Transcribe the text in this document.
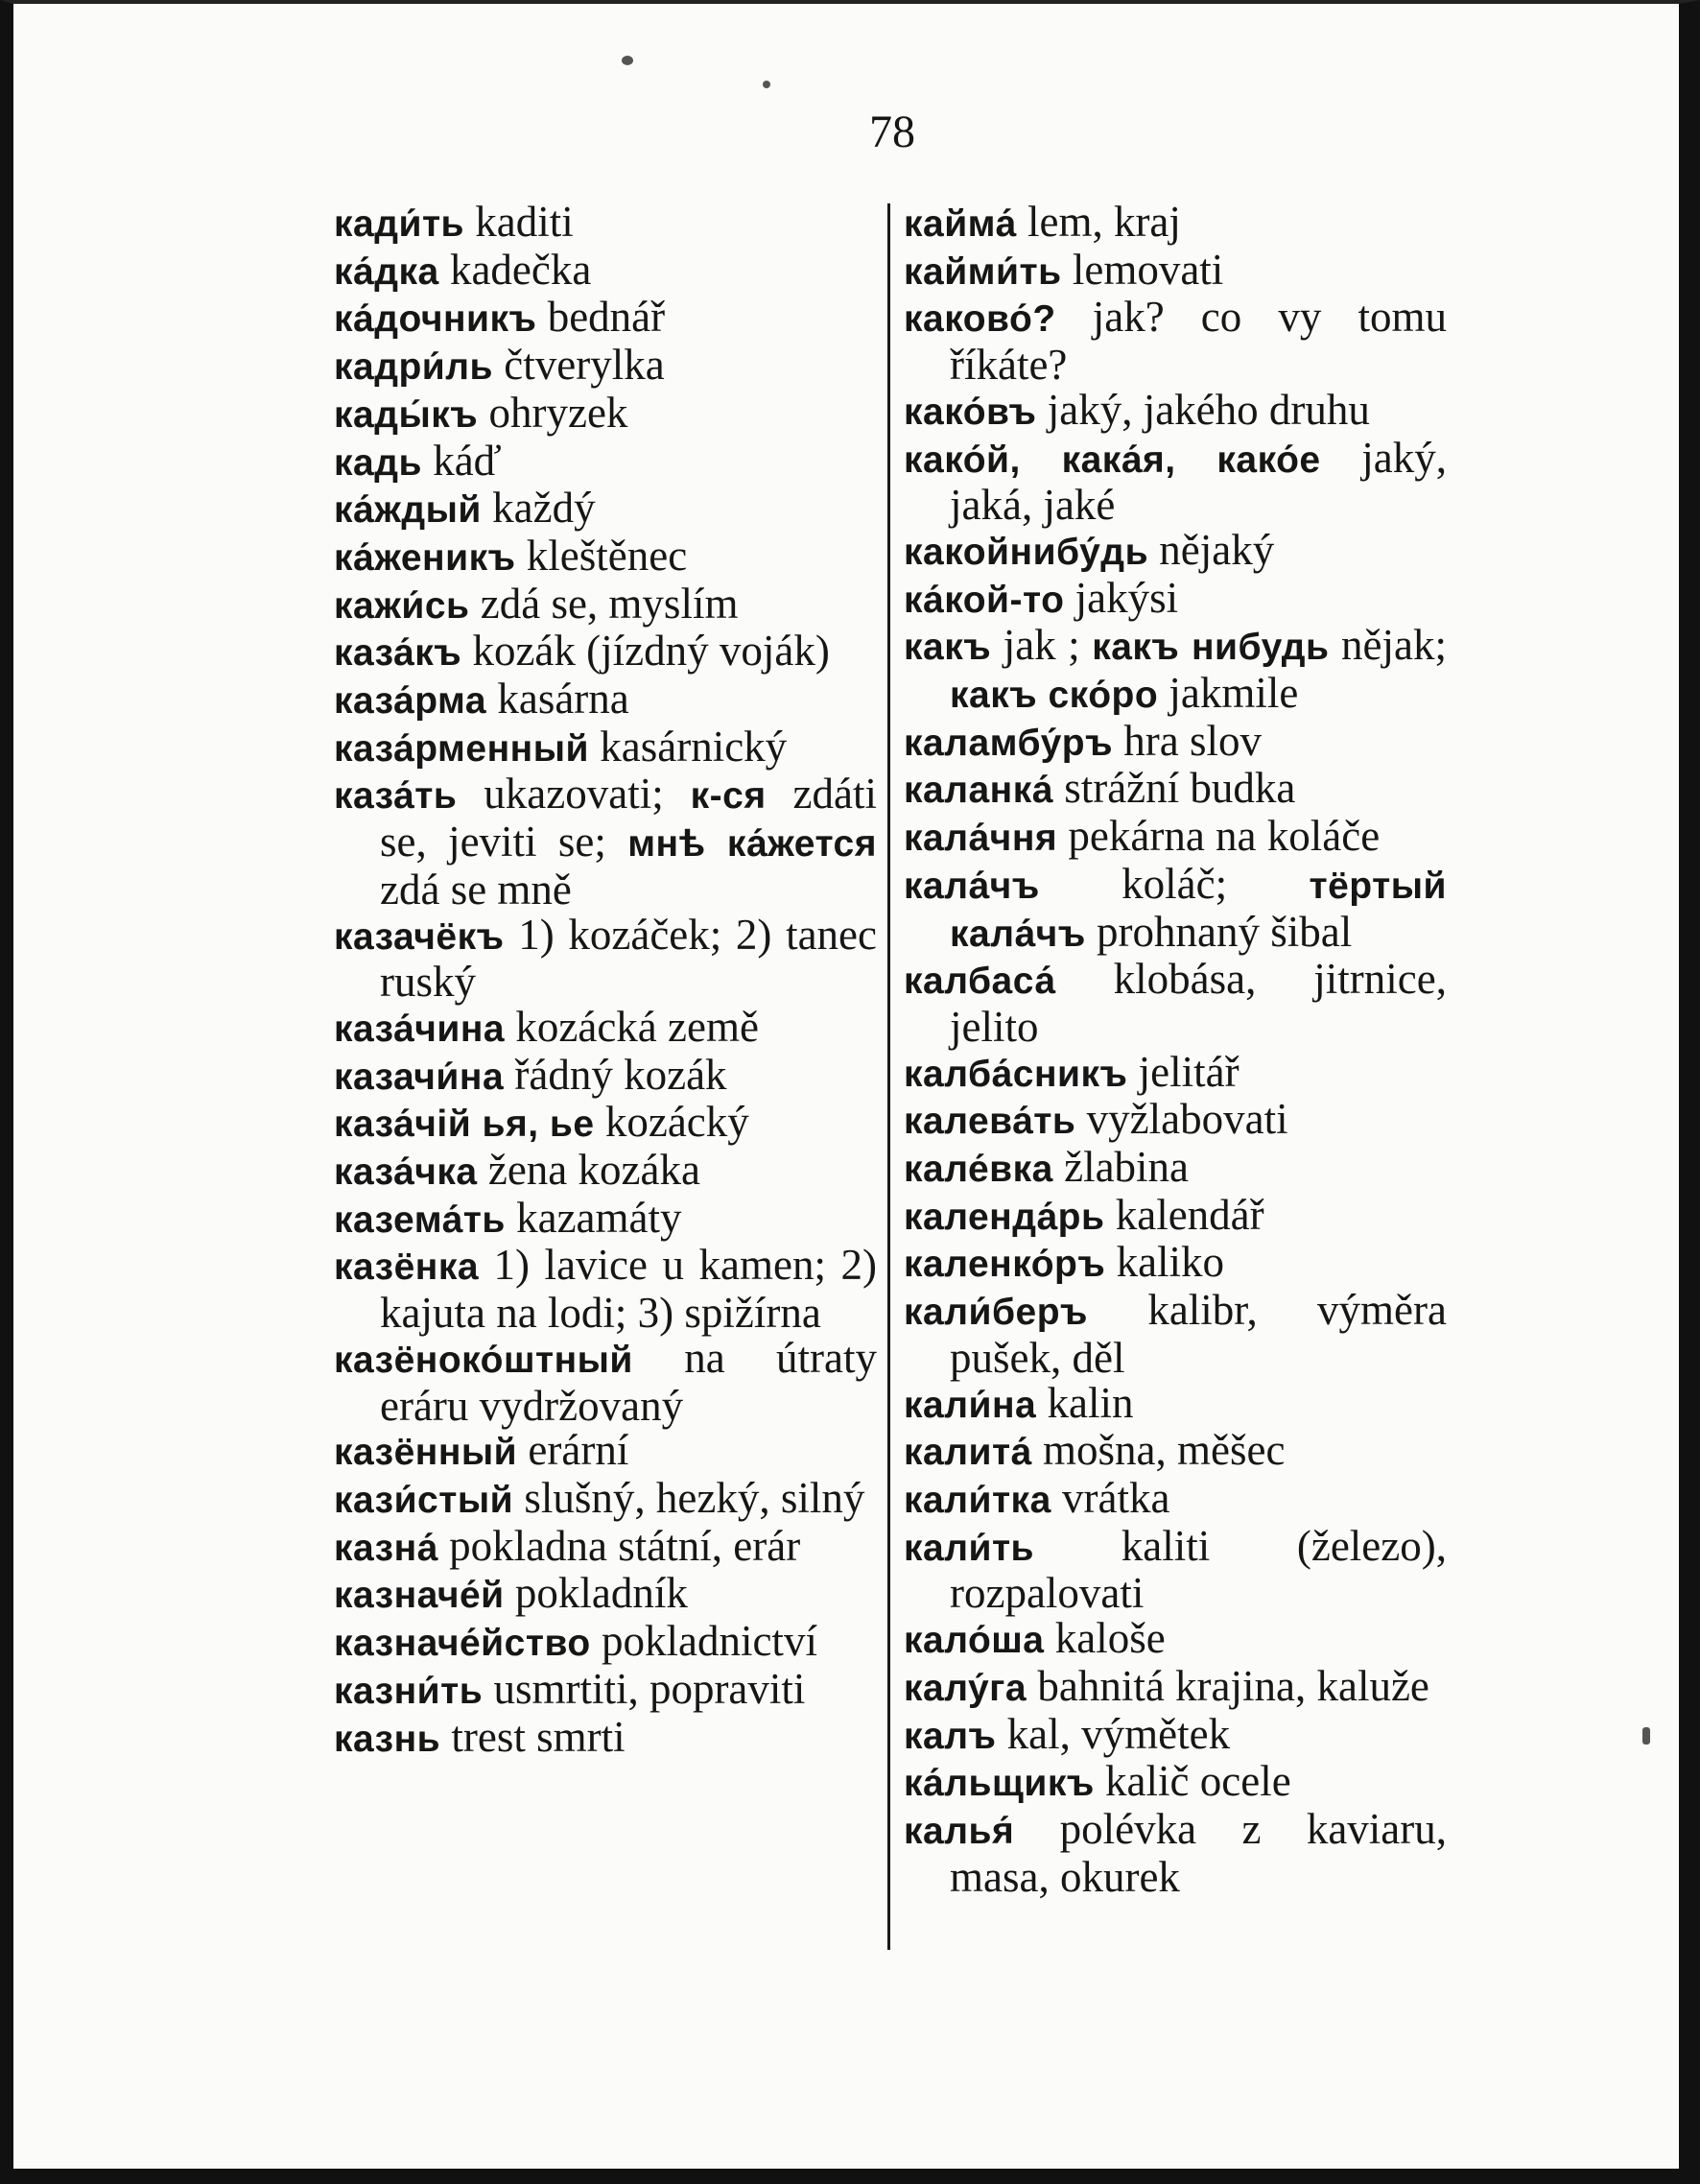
78

кади́ть kaditi

ка́дка kadečka

ка́дочникъ bednář

кадри́ль čtverylka

кады́къ ohryzek

кадь káď

ка́ждый každý

ка́женикъ kleštěnec

кажи́сь zdá se, myslím

каза́къ kozák (jízdný voják)

каза́рма kasárna

каза́рменный kasárnický

каза́ть ukazovati; к-ся zdáti se, jeviti se; мнѣ ка́жется zdá se mně

казачёкъ 1) kozáček; 2) tanec ruský

каза́чина kozácká země

казачи́на řádný kozák

каза́чій ья, ье kozácký

каза́чка žena kozáka

казема́ть kazamáty

казёнка 1) lavice u kamen; 2) kajuta na lodi; 3) spižírna

казёноко́штный na útraty eráru vydržovaný

казённый erární

кази́стый slušný, hezký, silný

казна́ pokladna státní, erár

казначе́й pokladník

казначе́йство pokladnictví

казни́ть usmrtiti, popraviti

казнь trest smrti

кайма́ lem, kraj

кайми́ть lemovati

каково́? jak? co vy tomu říkáte?

како́въ jaký, jakého druhu

како́й, кака́я, како́е jaký, jaká, jaké

какойнибу́дь nějaký

ка́кой-то jakýsi

какъ jak ; какъ нибудь nějak; какъ ско́ро jakmile

каламбу́ръ hra slov

каланка́ strážní budka

кала́чня pekárna na koláče

кала́чъ koláč; тёртый кала́чъ prohnaný šibal

калбаса́ klobása, jitrnice, jelito

калба́сникъ jelitář

калева́ть vyžlabovati

кале́вка žlabina

календа́рь kalendář

каленко́ръ kaliko

кали́беръ kalibr, výměra pušek, děl

кали́на kalin

калита́ mošna, měšec

кали́тка vrátka

кали́ть kaliti (železo), rozpalovati

кало́ша kaloše

калу́га bahnitá krajina, kaluže

калъ kal, výmětek

ка́льщикъ kalič ocele

калья́ polévka z kaviaru, masa, okurek
